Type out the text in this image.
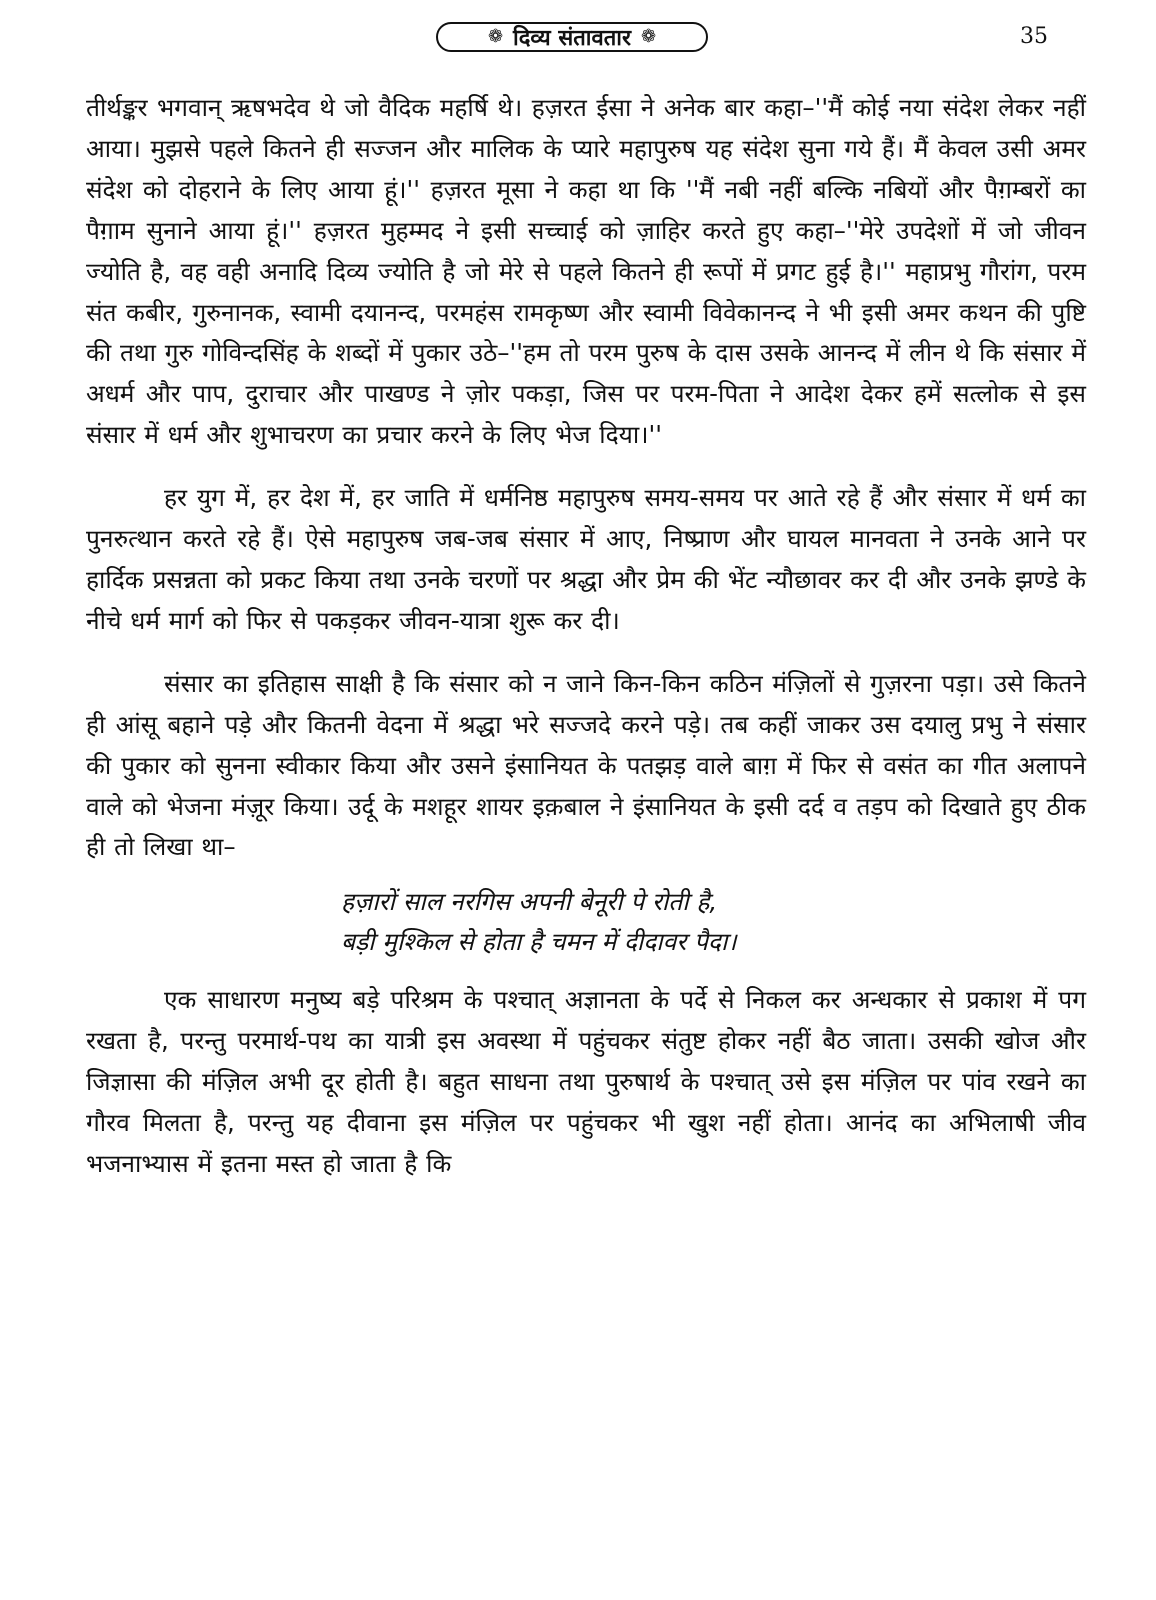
❁ दिव्य संतावतार ❁	35

तीर्थङ्कर भगवान् ऋषभदेव थे जो वैदिक महर्षि थे। हज़रत ईसा ने अनेक बार कहा–''मैं कोई नया संदेश लेकर नहीं आया। मुझसे पहले कितने ही सज्जन और मालिक के प्यारे महापुरुष यह संदेश सुना गये हैं। मैं केवल उसी अमर संदेश को दोहराने के लिए आया हूं।'' हज़रत मूसा ने कहा था कि ''मैं नबी नहीं बल्कि नबियों और पैग़म्बरों का पैग़ाम सुनाने आया हूं।'' हज़रत मुहम्मद ने इसी सच्चाई को ज़ाहिर करते हुए कहा–''मेरे उपदेशों में जो जीवन ज्योति है, वह वही अनादि दिव्य ज्योति है जो मेरे से पहले कितने ही रूपों में प्रगट हुई है।'' महाप्रभु गौरांग, परम संत कबीर, गुरुनानक, स्वामी दयानन्द, परमहंस रामकृष्ण और स्वामी विवेकानन्द ने भी इसी अमर कथन की पुष्टि की तथा गुरु गोविन्दसिंह के शब्दों में पुकार उठे–''हम तो परम पुरुष के दास उसके आनन्द में लीन थे कि संसार में अधर्म और पाप, दुराचार और पाखण्ड ने ज़ोर पकड़ा, जिस पर परम-पिता ने आदेश देकर हमें सत्लोक से इस संसार में धर्म और शुभाचरण का प्रचार करने के लिए भेज दिया।''

हर युग में, हर देश में, हर जाति में धर्मनिष्ठ महापुरुष समय-समय पर आते रहे हैं और संसार में धर्म का पुनरुत्थान करते रहे हैं। ऐसे महापुरुष जब-जब संसार में आए, निष्प्राण और घायल मानवता ने उनके आने पर हार्दिक प्रसन्नता को प्रकट किया तथा उनके चरणों पर श्रद्धा और प्रेम की भेंट न्यौछावर कर दी और उनके झण्डे के नीचे धर्म मार्ग को फिर से पकड़कर जीवन-यात्रा शुरू कर दी।

संसार का इतिहास साक्षी है कि संसार को न जाने किन-किन कठिन मंज़िलों से गुज़रना पड़ा। उसे कितने ही आंसू बहाने पड़े और कितनी वेदना में श्रद्धा भरे सज्जदे करने पड़े। तब कहीं जाकर उस दयालु प्रभु ने संसार की पुकार को सुनना स्वीकार किया और उसने इंसानियत के पतझड़ वाले बाग़ में फिर से वसंत का गीत अलापने वाले को भेजना मंज़ूर किया। उर्दू के मशहूर शायर इक़बाल ने इंसानियत के इसी दर्द व तड़प को दिखाते हुए ठीक ही तो लिखा था–

हज़ारों साल नरगिस अपनी बेनूरी पे रोती है,
बड़ी मुश्किल से होता है चमन में दीदावर पैदा।

एक साधारण मनुष्य बड़े परिश्रम के पश्चात् अज्ञानता के पर्दे से निकल कर अन्धकार से प्रकाश में पग रखता है, परन्तु परमार्थ-पथ का यात्री इस अवस्था में पहुंचकर संतुष्ट होकर नहीं बैठ जाता। उसकी खोज और जिज्ञासा की मंज़िल अभी दूर होती है। बहुत साधना तथा पुरुषार्थ के पश्चात् उसे इस मंज़िल पर पांव रखने का गौरव मिलता है, परन्तु यह दीवाना इस मंज़िल पर पहुंचकर भी खुश नहीं होता। आनंद का अभिलाषी जीव भजनाभ्यास में इतना मस्त हो जाता है कि
